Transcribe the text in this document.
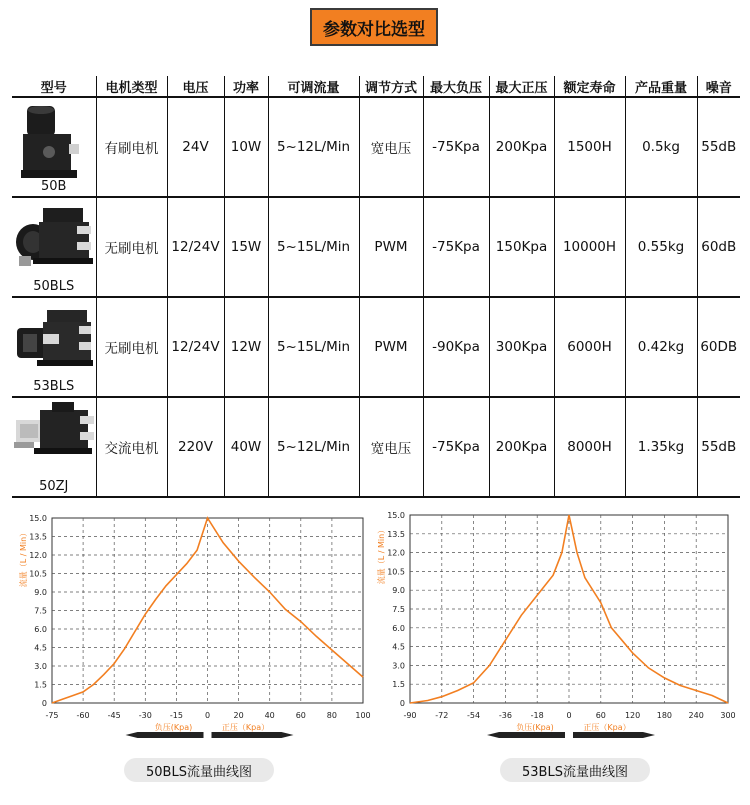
参数对比选型
型号	电机类型	电压	功率	可调流量	调节方式	最大负压	最大正压	额定寿命	产品重量	噪音

50B	有刷电机	24V	10W	5~12L/Min	宽电压	-75Kpa	200Kpa	1500H	0.5kg	55dB

50BLS	无刷电机	12/24V	15W	5~15L/Min	PWM	-75Kpa	150Kpa	10000H	0.55kg	60dB

53BLS	无刷电机	12/24V	12W	5~15L/Min	PWM	-90Kpa	300Kpa	6000H	0.42kg	60DB

50ZJ	交流电机	220V	40W	5~12L/Min	宽电压	-75Kpa	200Kpa	8000H	1.35kg	55dB
0
1.5
3.0
4.5
6.0
7.5
9.0
10.5
12.0
13.5
15.0
-75 -60 -45 -30 -15	0	20	40	60	80 100
流量（L / Min）
负压(Kpa)	正压（Kpa）
50BLS流量曲线图
0
1.5
3.0
4.5
6.0
7.5
9.0
10.5
12.0
13.5
15.0
-90 -72 -54 -36 -18	0	60 120 180 240 300
流量（L / Min）
负压(Kpa)	正压（Kpa）
53BLS流量曲线图
